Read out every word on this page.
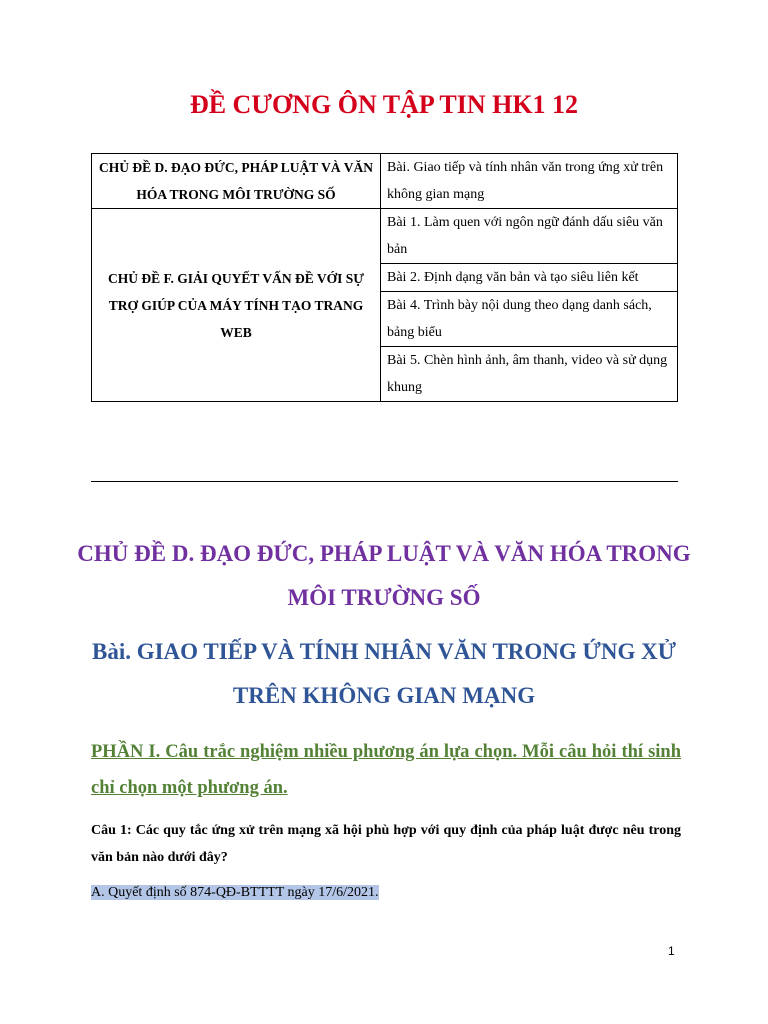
ĐỀ CƯƠNG ÔN TẬP TIN HK1 12
CHỦ ĐỀ D. ĐẠO ĐỨC, PHÁP LUẬT VÀ VĂN HÓA TRONG MÔI TRƯỜNG SỐ	Bài. Giao tiếp và tính nhân văn trong ứng xử trên không gian mạng
CHỦ ĐỀ F. GIẢI QUYẾT VẤN ĐỀ VỚI SỰ TRỢ GIÚP CỦA MÁY TÍNH TẠO TRANG WEB	Bài 1. Làm quen với ngôn ngữ đánh dấu siêu văn bản
	Bài 2. Định dạng văn bản và tạo siêu liên kết
	Bài 4. Trình bày nội dung theo dạng danh sách, bảng biểu
	Bài 5. Chèn hình ảnh, âm thanh, video và sử dụng khung
CHỦ ĐỀ D. ĐẠO ĐỨC, PHÁP LUẬT VÀ VĂN HÓA TRONG MÔI TRƯỜNG SỐ
Bài. GIAO TIẾP VÀ TÍNH NHÂN VĂN TRONG ỨNG XỬ TRÊN KHÔNG GIAN MẠNG
PHẦN I. Câu trắc nghiệm nhiều phương án lựa chọn. Mỗi câu hỏi thí sinh chỉ chọn một phương án.

Câu 1: Các quy tắc ứng xử trên mạng xã hội phù hợp với quy định của pháp luật được nêu trong văn bản nào dưới đây?

A. Quyết định số 874-QĐ-BTTTT ngày 17/6/2021.

1
